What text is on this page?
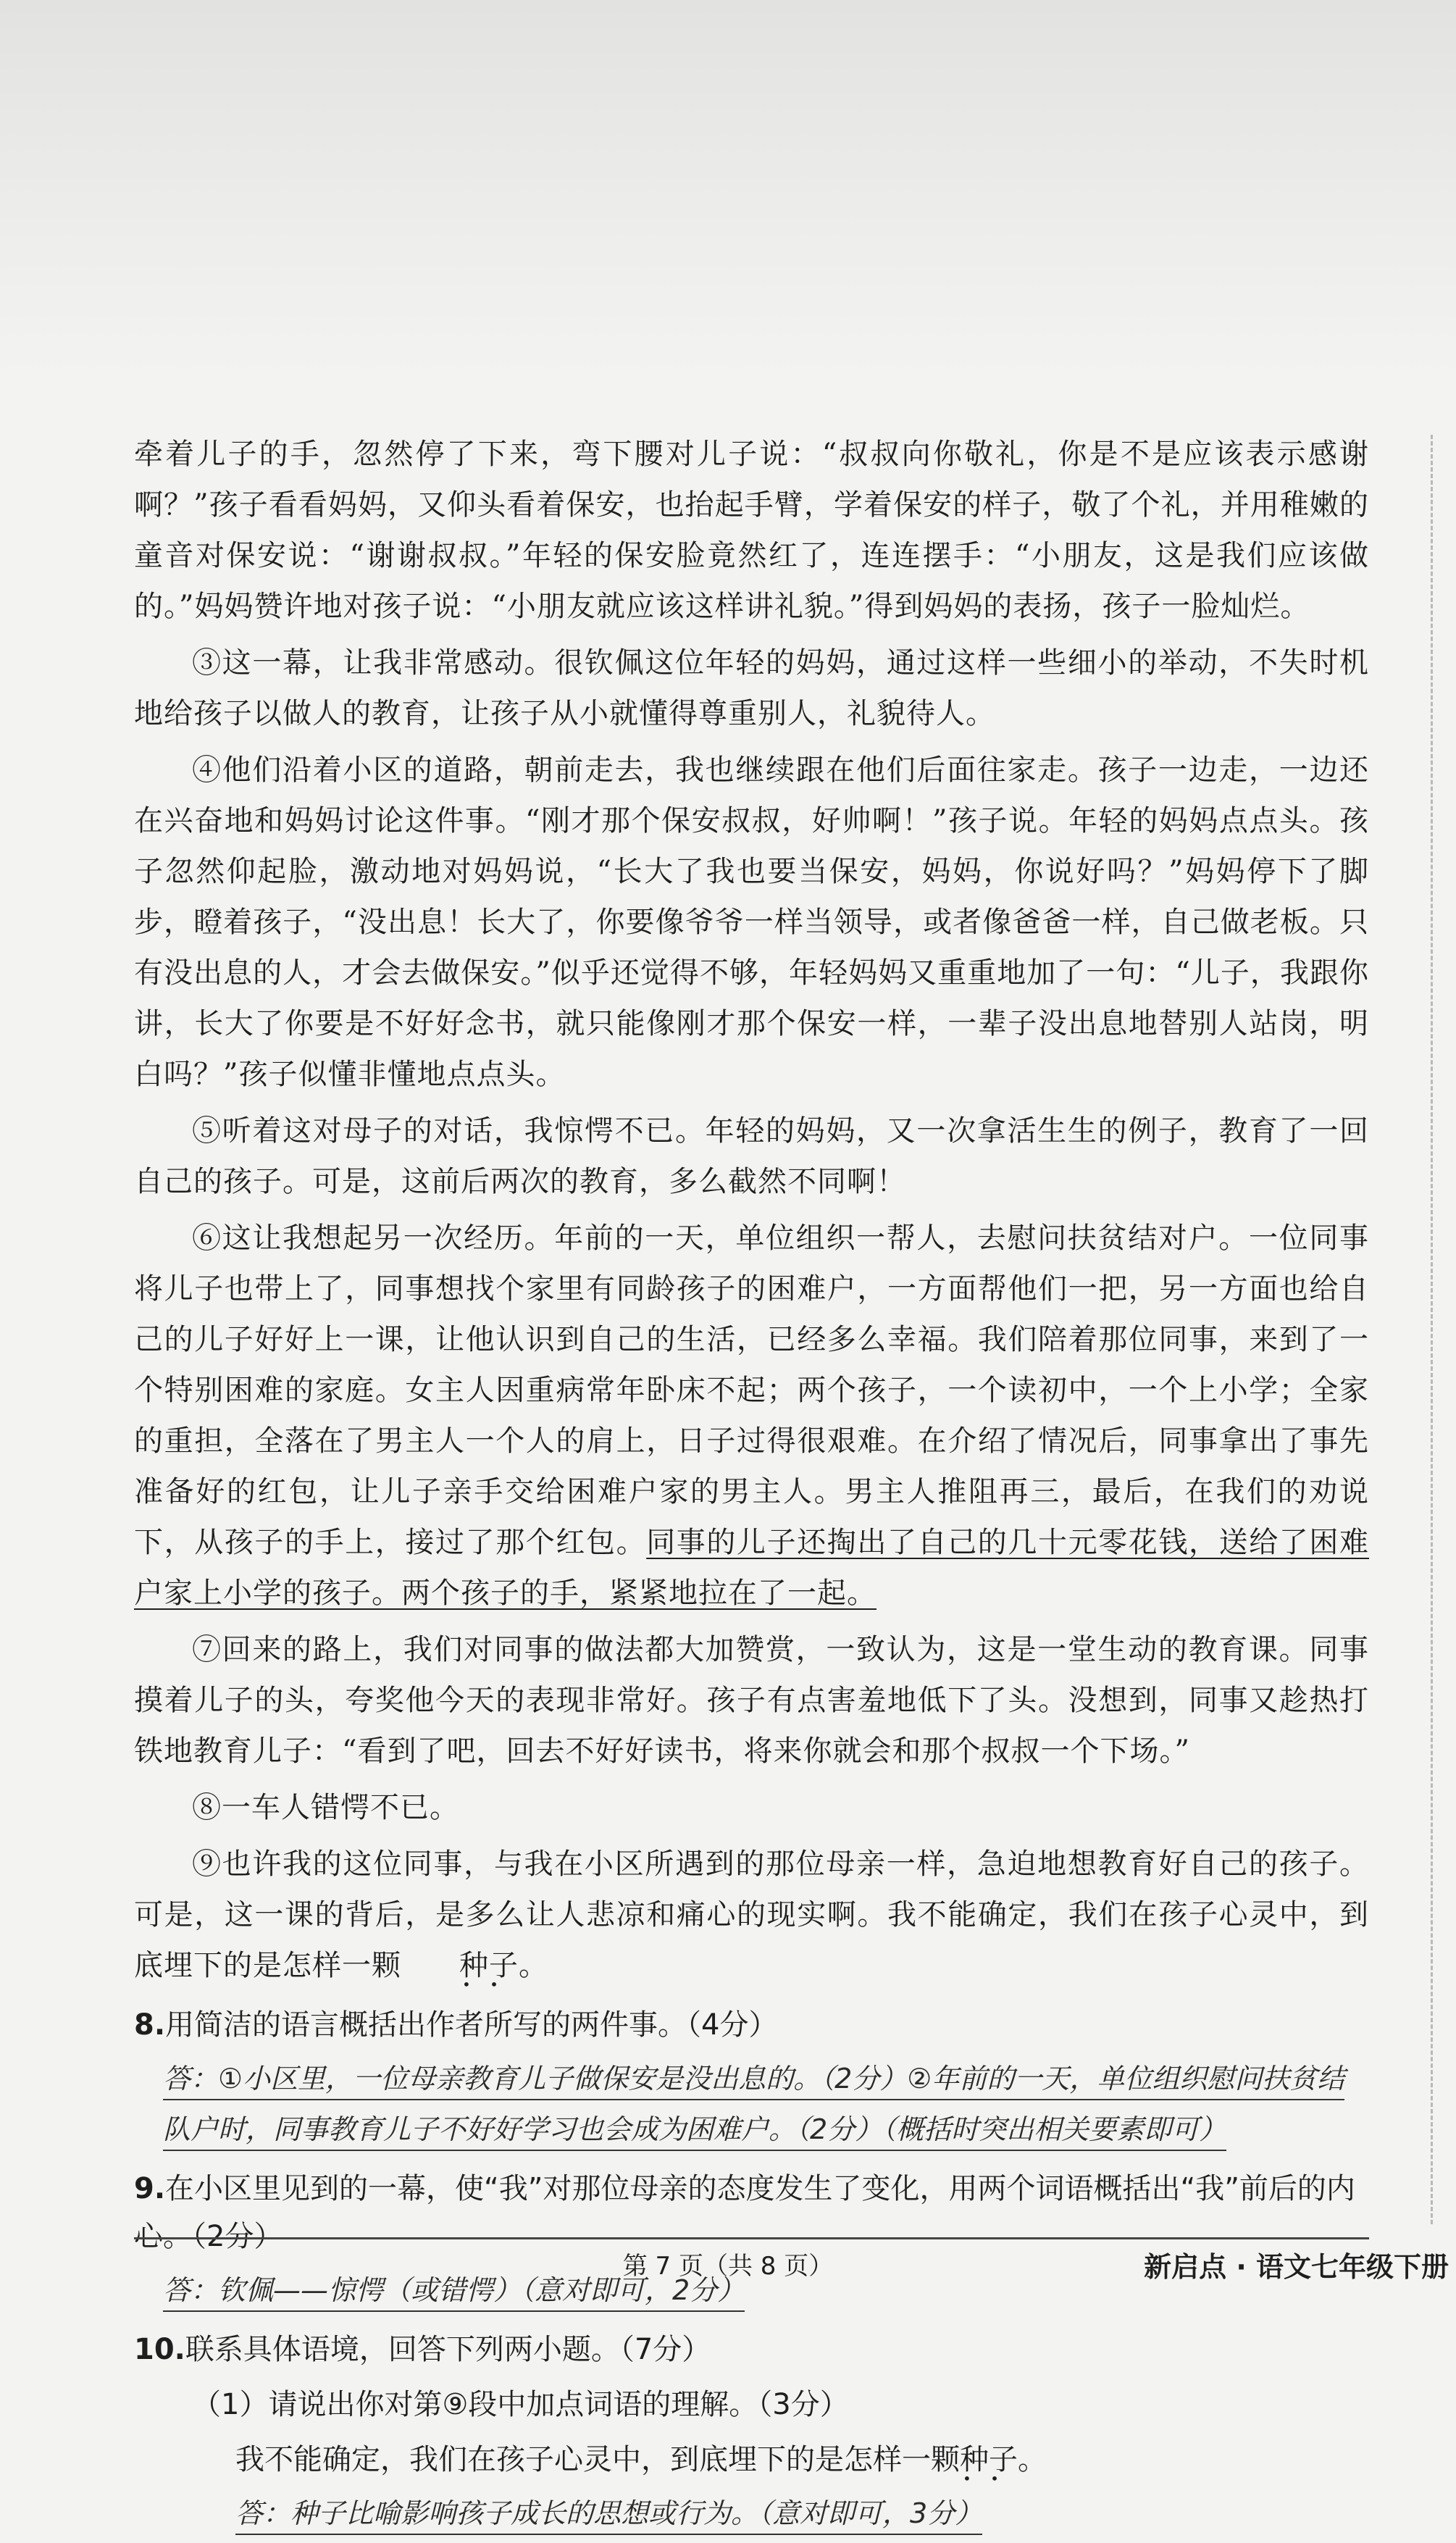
牵着儿子的手，忽然停了下来，弯下腰对儿子说：“叔叔向你敬礼，你是不是应该表示感谢啊？”孩子看看妈妈，又仰头看着保安，也抬起手臂，学着保安的样子，敬了个礼，并用稚嫩的童音对保安说：“谢谢叔叔。”年轻的保安脸竟然红了，连连摆手：“小朋友，这是我们应该做的。”妈妈赞许地对孩子说：“小朋友就应该这样讲礼貌。”得到妈妈的表扬，孩子一脸灿烂。

③这一幕，让我非常感动。很钦佩这位年轻的妈妈，通过这样一些细小的举动，不失时机地给孩子以做人的教育，让孩子从小就懂得尊重别人，礼貌待人。

④他们沿着小区的道路，朝前走去，我也继续跟在他们后面往家走。孩子一边走，一边还在兴奋地和妈妈讨论这件事。“刚才那个保安叔叔，好帅啊！”孩子说。年轻的妈妈点点头。孩子忽然仰起脸，激动地对妈妈说，“长大了我也要当保安，妈妈，你说好吗？”妈妈停下了脚步，瞪着孩子，“没出息！长大了，你要像爷爷一样当领导，或者像爸爸一样，自己做老板。只有没出息的人，才会去做保安。”似乎还觉得不够，年轻妈妈又重重地加了一句：“儿子，我跟你讲，长大了你要是不好好念书，就只能像刚才那个保安一样，一辈子没出息地替别人站岗，明白吗？”孩子似懂非懂地点点头。

⑤听着这对母子的对话，我惊愕不已。年轻的妈妈，又一次拿活生生的例子，教育了一回自己的孩子。可是，这前后两次的教育，多么截然不同啊！

⑥这让我想起另一次经历。年前的一天，单位组织一帮人，去慰问扶贫结对户。一位同事将儿子也带上了，同事想找个家里有同龄孩子的困难户，一方面帮他们一把，另一方面也给自己的儿子好好上一课，让他认识到自己的生活，已经多么幸福。我们陪着那位同事，来到了一个特别困难的家庭。女主人因重病常年卧床不起；两个孩子，一个读初中，一个上小学；全家的重担，全落在了男主人一个人的肩上，日子过得很艰难。在介绍了情况后，同事拿出了事先准备好的红包，让儿子亲手交给困难户家的男主人。男主人推阻再三，最后，在我们的劝说下，从孩子的手上，接过了那个红包。同事的儿子还掏出了自己的几十元零花钱，送给了困难户家上小学的孩子。两个孩子的手，紧紧地拉在了一起。

⑦回来的路上，我们对同事的做法都大加赞赏，一致认为，这是一堂生动的教育课。同事摸着儿子的头，夸奖他今天的表现非常好。孩子有点害羞地低下了头。没想到，同事又趁热打铁地教育儿子：“看到了吧，回去不好好读书，将来你就会和那个叔叔一个下场。”

⑧一车人错愕不已。

⑨也许我的这位同事，与我在小区所遇到的那位母亲一样，急迫地想教育好自己的孩子。可是，这一课的背后，是多么让人悲凉和痛心的现实啊。我不能确定，我们在孩子心灵中，到底埋下的是怎样一颗 种子 • •。

8.用简洁的语言概括出作者所写的两件事。（4分）
答：①小区里，一位母亲教育儿子做保安是没出息的。（2分）②年前的一天，单位组织慰问扶贫结队户时，同事教育儿子不好好学习也会成为困难户。（2分）（概括时突出相关要素即可）
9.在小区里见到的一幕，使“我”对那位母亲的态度发生了变化，用两个词语概括出“我”前后的内心。（2分）
答：钦佩——惊愕（或错愕）（意对即可，2分）
10.联系具体语境，回答下列两小题。（7分）
（1）请说出你对第⑨段中加点词语的理解。（3分）
我不能确定，我们在孩子心灵中，到底埋下的是怎样一颗种子 • •。
答：种子比喻影响孩子成长的思想或行为。（意对即可，3分）
第 7 页（共 8 页）	新启点 · 语文七年级下册
